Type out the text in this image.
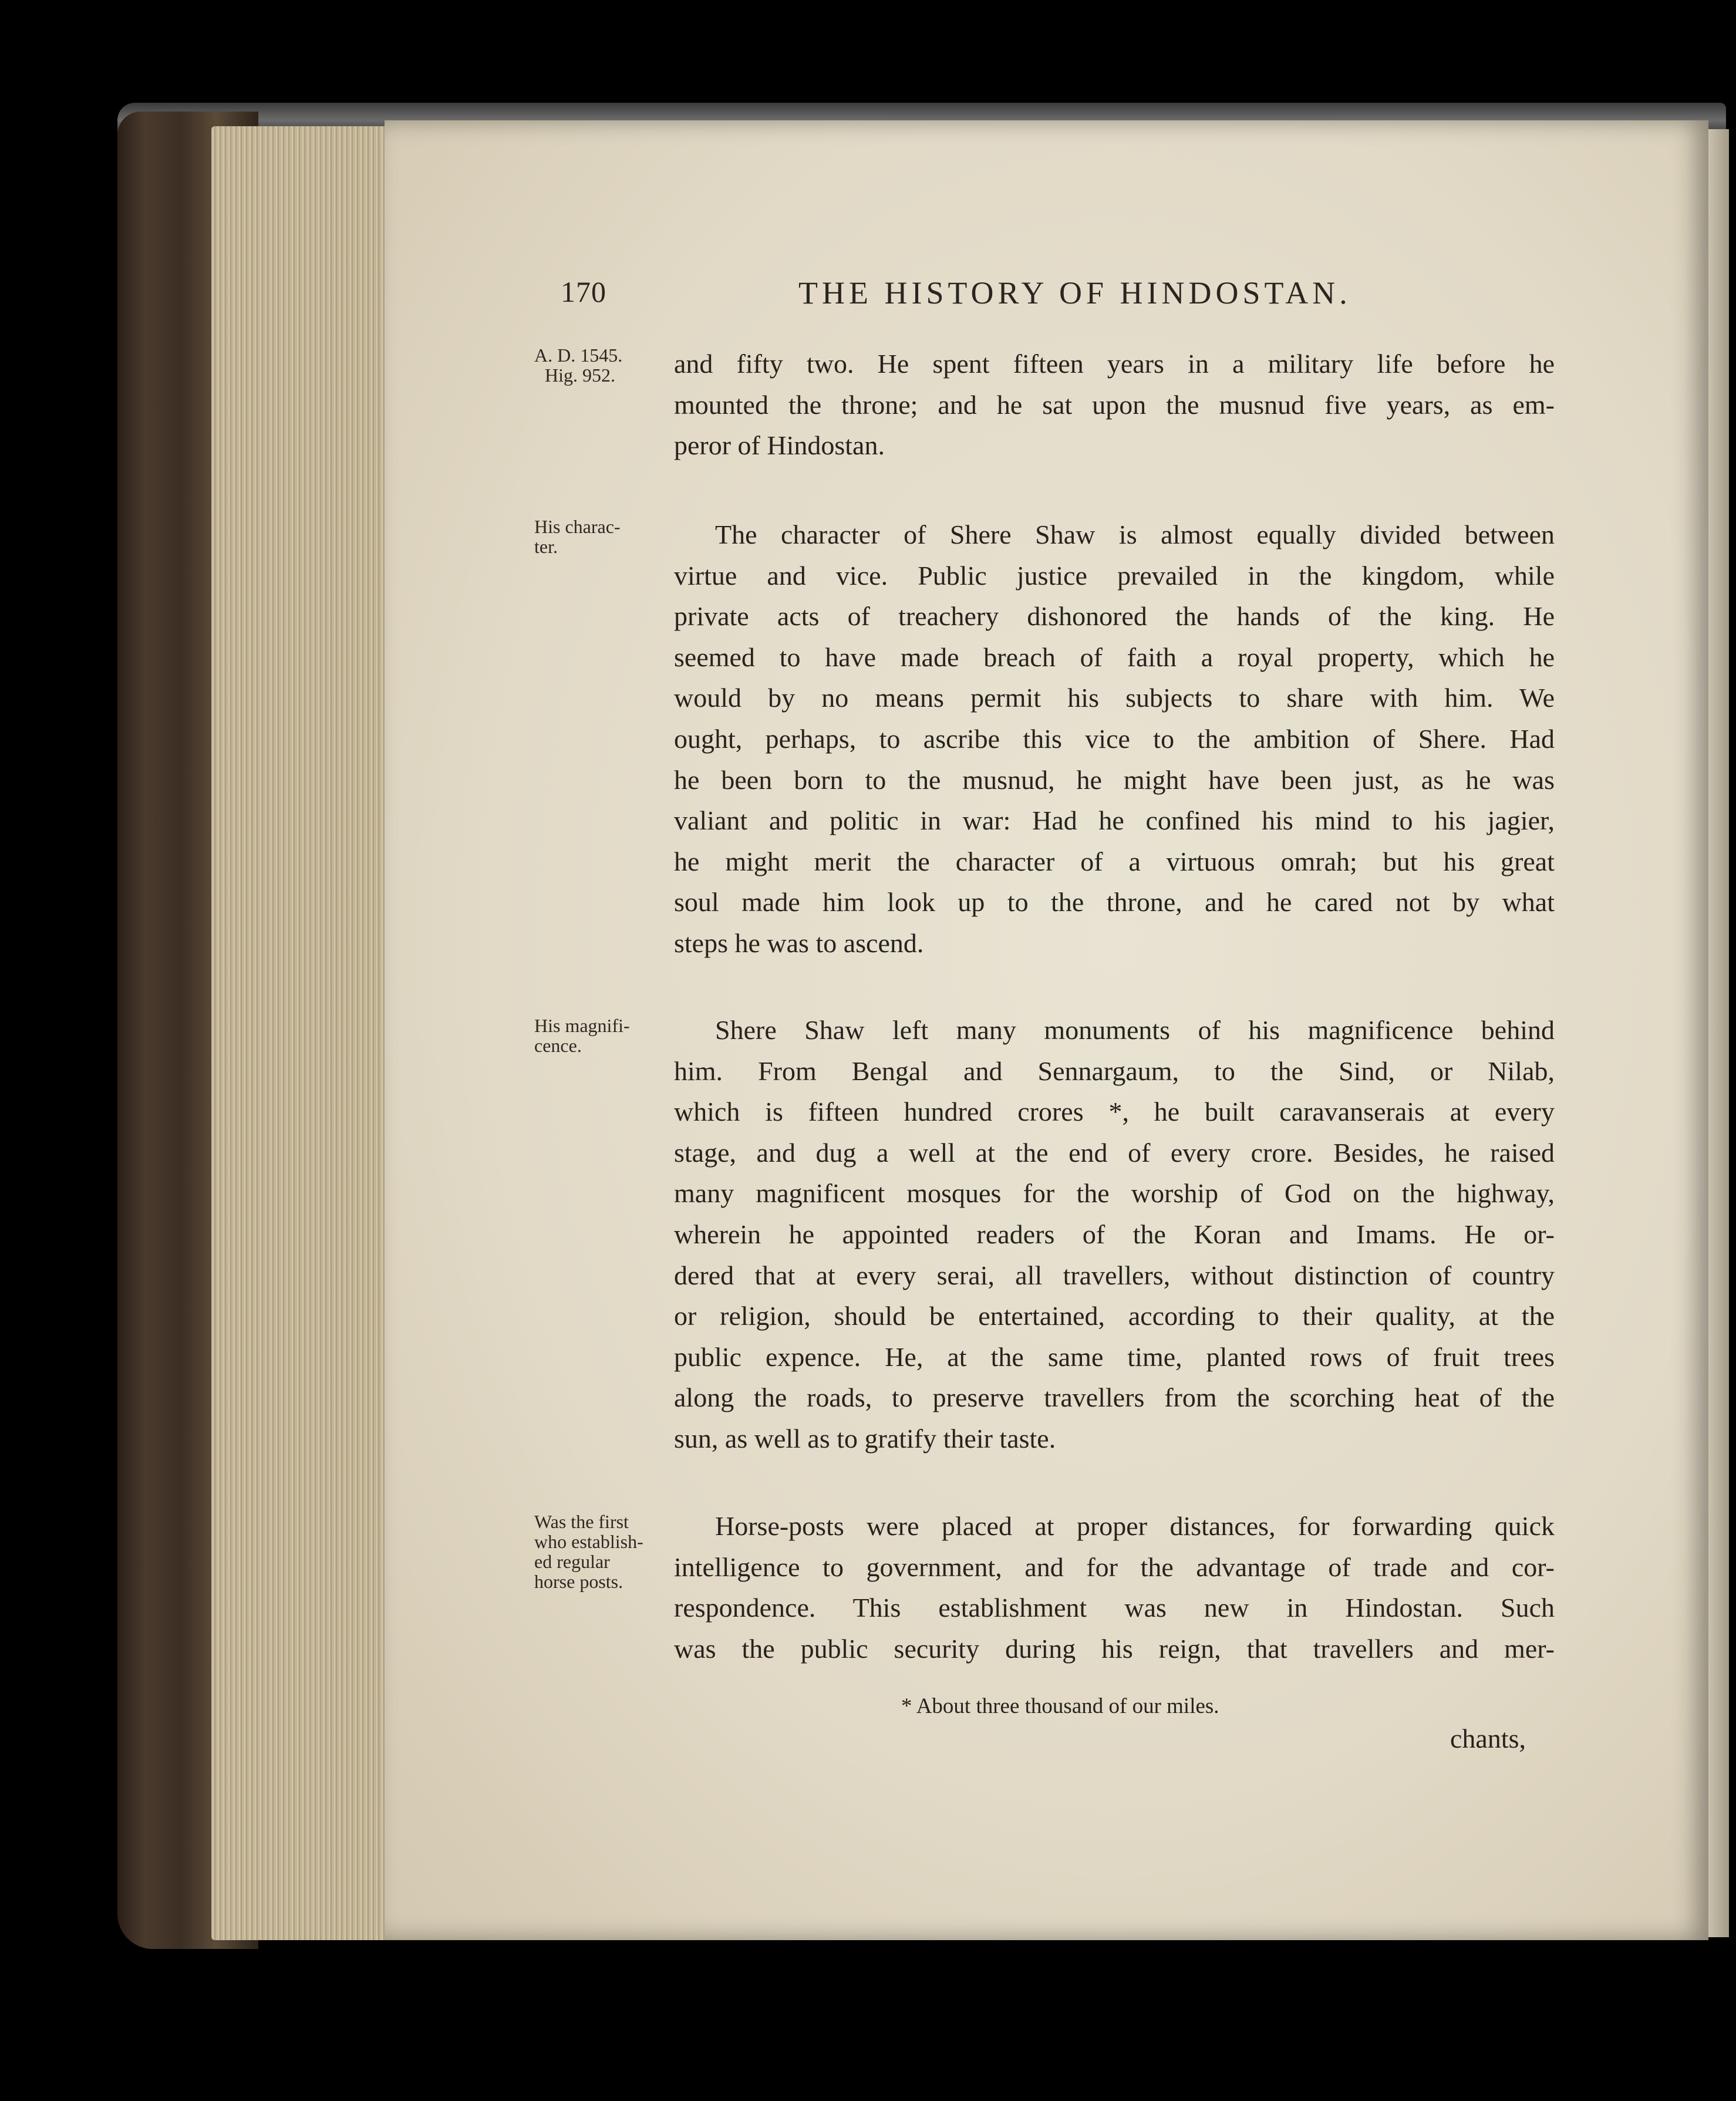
170	THE HISTORY OF HINDOSTAN.
A. D. 1545.
Hig. 952.
His charac-
ter.
His magnifi-
cence.
Was the first
who establish-
ed regular
horse posts.
and fifty two. He spent fifteen years in a military life before he
mounted the throne; and he sat upon the musnud five years, as em-
peror of Hindostan.
The character of Shere Shaw is almost equally divided between
virtue and vice. Public justice prevailed in the kingdom, while
private acts of treachery dishonored the hands of the king. He
seemed to have made breach of faith a royal property, which he
would by no means permit his subjects to share with him. We
ought, perhaps, to ascribe this vice to the ambition of Shere. Had
he been born to the musnud, he might have been just, as he was
valiant and politic in war: Had he confined his mind to his jagier,
he might merit the character of a virtuous omrah; but his great
soul made him look up to the throne, and he cared not by what
steps he was to ascend.
Shere Shaw left many monuments of his magnificence behind
him. From Bengal and Sennargaum, to the Sind, or Nilab,
which is fifteen hundred crores *, he built caravanserais at every
stage, and dug a well at the end of every crore. Besides, he raised
many magnificent mosques for the worship of God on the highway,
wherein he appointed readers of the Koran and Imams. He or-
dered that at every serai, all travellers, without distinction of country
or religion, should be entertained, according to their quality, at the
public expence. He, at the same time, planted rows of fruit trees
along the roads, to preserve travellers from the scorching heat of the
sun, as well as to gratify their taste.
Horse-posts were placed at proper distances, for forwarding quick
intelligence to government, and for the advantage of trade and cor-
respondence. This establishment was new in Hindostan. Such
was the public security during his reign, that travellers and mer-
* About three thousand of our miles.
chants,
